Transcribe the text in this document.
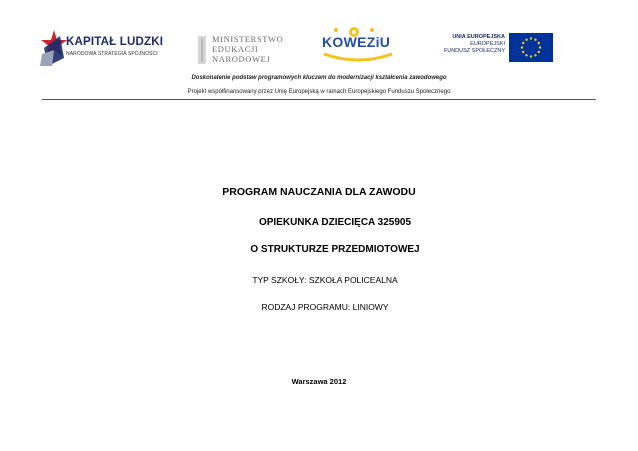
KAPITAŁ LUDZKI
NARODOWA STRATEGIA SPÓJNOŚCI
MINISTERSTWO
EDUKACJI
NARODOWEJ
KOWEZiU	UNIA EUROPEJSKA
EUROPEJSKI
FUNDUSZ SPOŁECZNY
Doskonalenie podstaw programowych kluczem do modernizacji kształcenia zawodowego
Projekt współfinansowany przez Unię Europejską w ramach Europejskiego Funduszu Społecznego
PROGRAM NAUCZANIA DLA ZAWODU
OPIEKUNKA DZIECIĘCA 325905
O STRUKTURZE PRZEDMIOTOWEJ
TYP SZKOŁY: SZKOŁA POLICEALNA
RODZAJ PROGRAMU: LINIOWY
Warszawa 2012
